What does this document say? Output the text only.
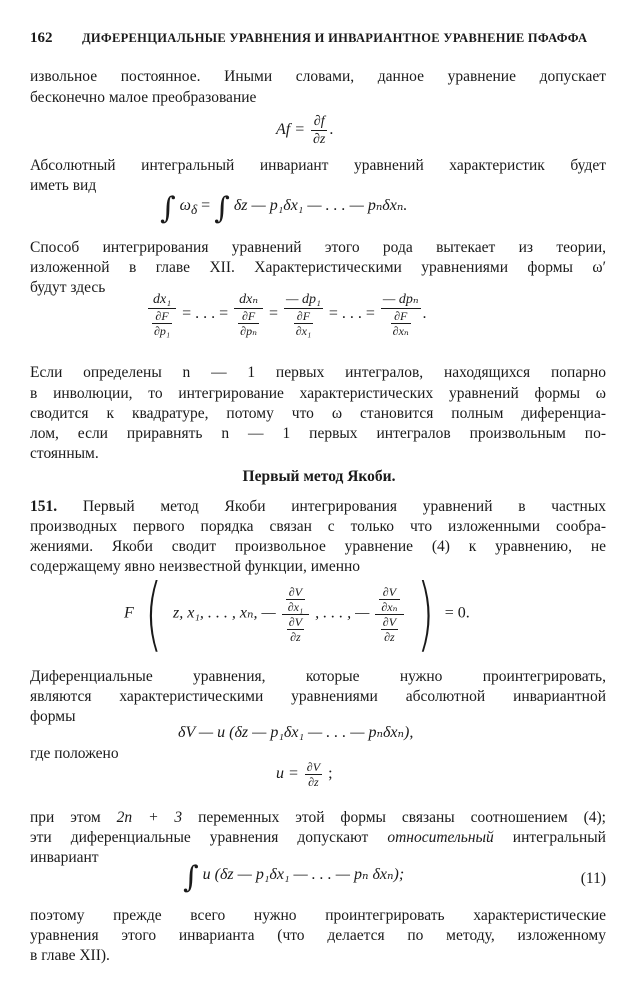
162 ДИФЕРЕНЦИАЛЬНЫЕ УРАВНЕНИЯ И ИНВАРИАНТНОЕ УРАВНЕНИЕ ПФАФФА
извольное постоянное. Иными словами, данное уравнение допускает
бесконечно малое преобразование
$Af = \frac{\partial f}{\partial z}$ .
Абсолютный интегральный инвариант уравнений характеристик будет
иметь вид
∫ $\omega_\delta$ = ∫ δz — p₁δx₁ — . . . — pₙδxₙ.
Способ интегрирования уравнений этого рода вытекает из теории,
изложенной в главе XII. Характеристическими уравнениями формы ω′
будут здесь
$\frac{\text{dx₁}}{\frac{\partial F}{\text{∂p₁}}}$ = . . . = $\frac{\text{dxₙ}}{\frac{\partial F}{\text{∂pₙ}}} = \frac{\text{— dp₁}}{\frac{\partial F}{\text{∂x₁}}}$ = . . . = $\frac{\text{— dpₙ}}{\frac{\partial F}{\text{∂xₙ}}}$ .
Если определены n — 1 первых интегралов, находящихся попарно
в инволюции, то интегрирование характеристических уравнений формы ω
сводится к квадратуре, потому что ω становится полным диференциа-
лом, если приравнять n — 1 первых интегралов произвольным по-
стоянным.
Первый метод Якоби.
151. Первый метод Якоби интегрирования уравнений в частных
производных первого порядка связан с только что изложенными сообра-
жениями. Якоби сводит произвольное уравнение (4) к уравнению, не
содержащему явно неизвестной функции, именно
F ( z, x₁, . . . , xₙ, — $\frac{\frac{\partial V}{\text{∂x₁}}}{\frac{\partial V}{\partial z}}$ , . . . , — $\frac{\frac{\partial V}{\text{∂xₙ}}}{\frac{\partial V}{\partial z}}$ ) = 0.
Диференциальные уравнения, которые нужно проинтегрировать,
являются характеристическими уравнениями абсолютной инвариантной
формы
δV — u (δz — p₁δx₁ — . . . — pₙδxₙ),
где положено
$u = \frac{\partial V}{\partial z}$ ;
при этом 2n + 3 переменных этой формы связаны соотношением (4);
эти диференциальные уравнения допускают относительный интегральный
инвариант
∫ u (δz — p₁δx₁ — . . . — pₙ δxₙ);	(11)
поэтому прежде всего нужно проинтегрировать характеристические
уравнения этого инварианта (что делается по методу, изложенному
в главе XII).
